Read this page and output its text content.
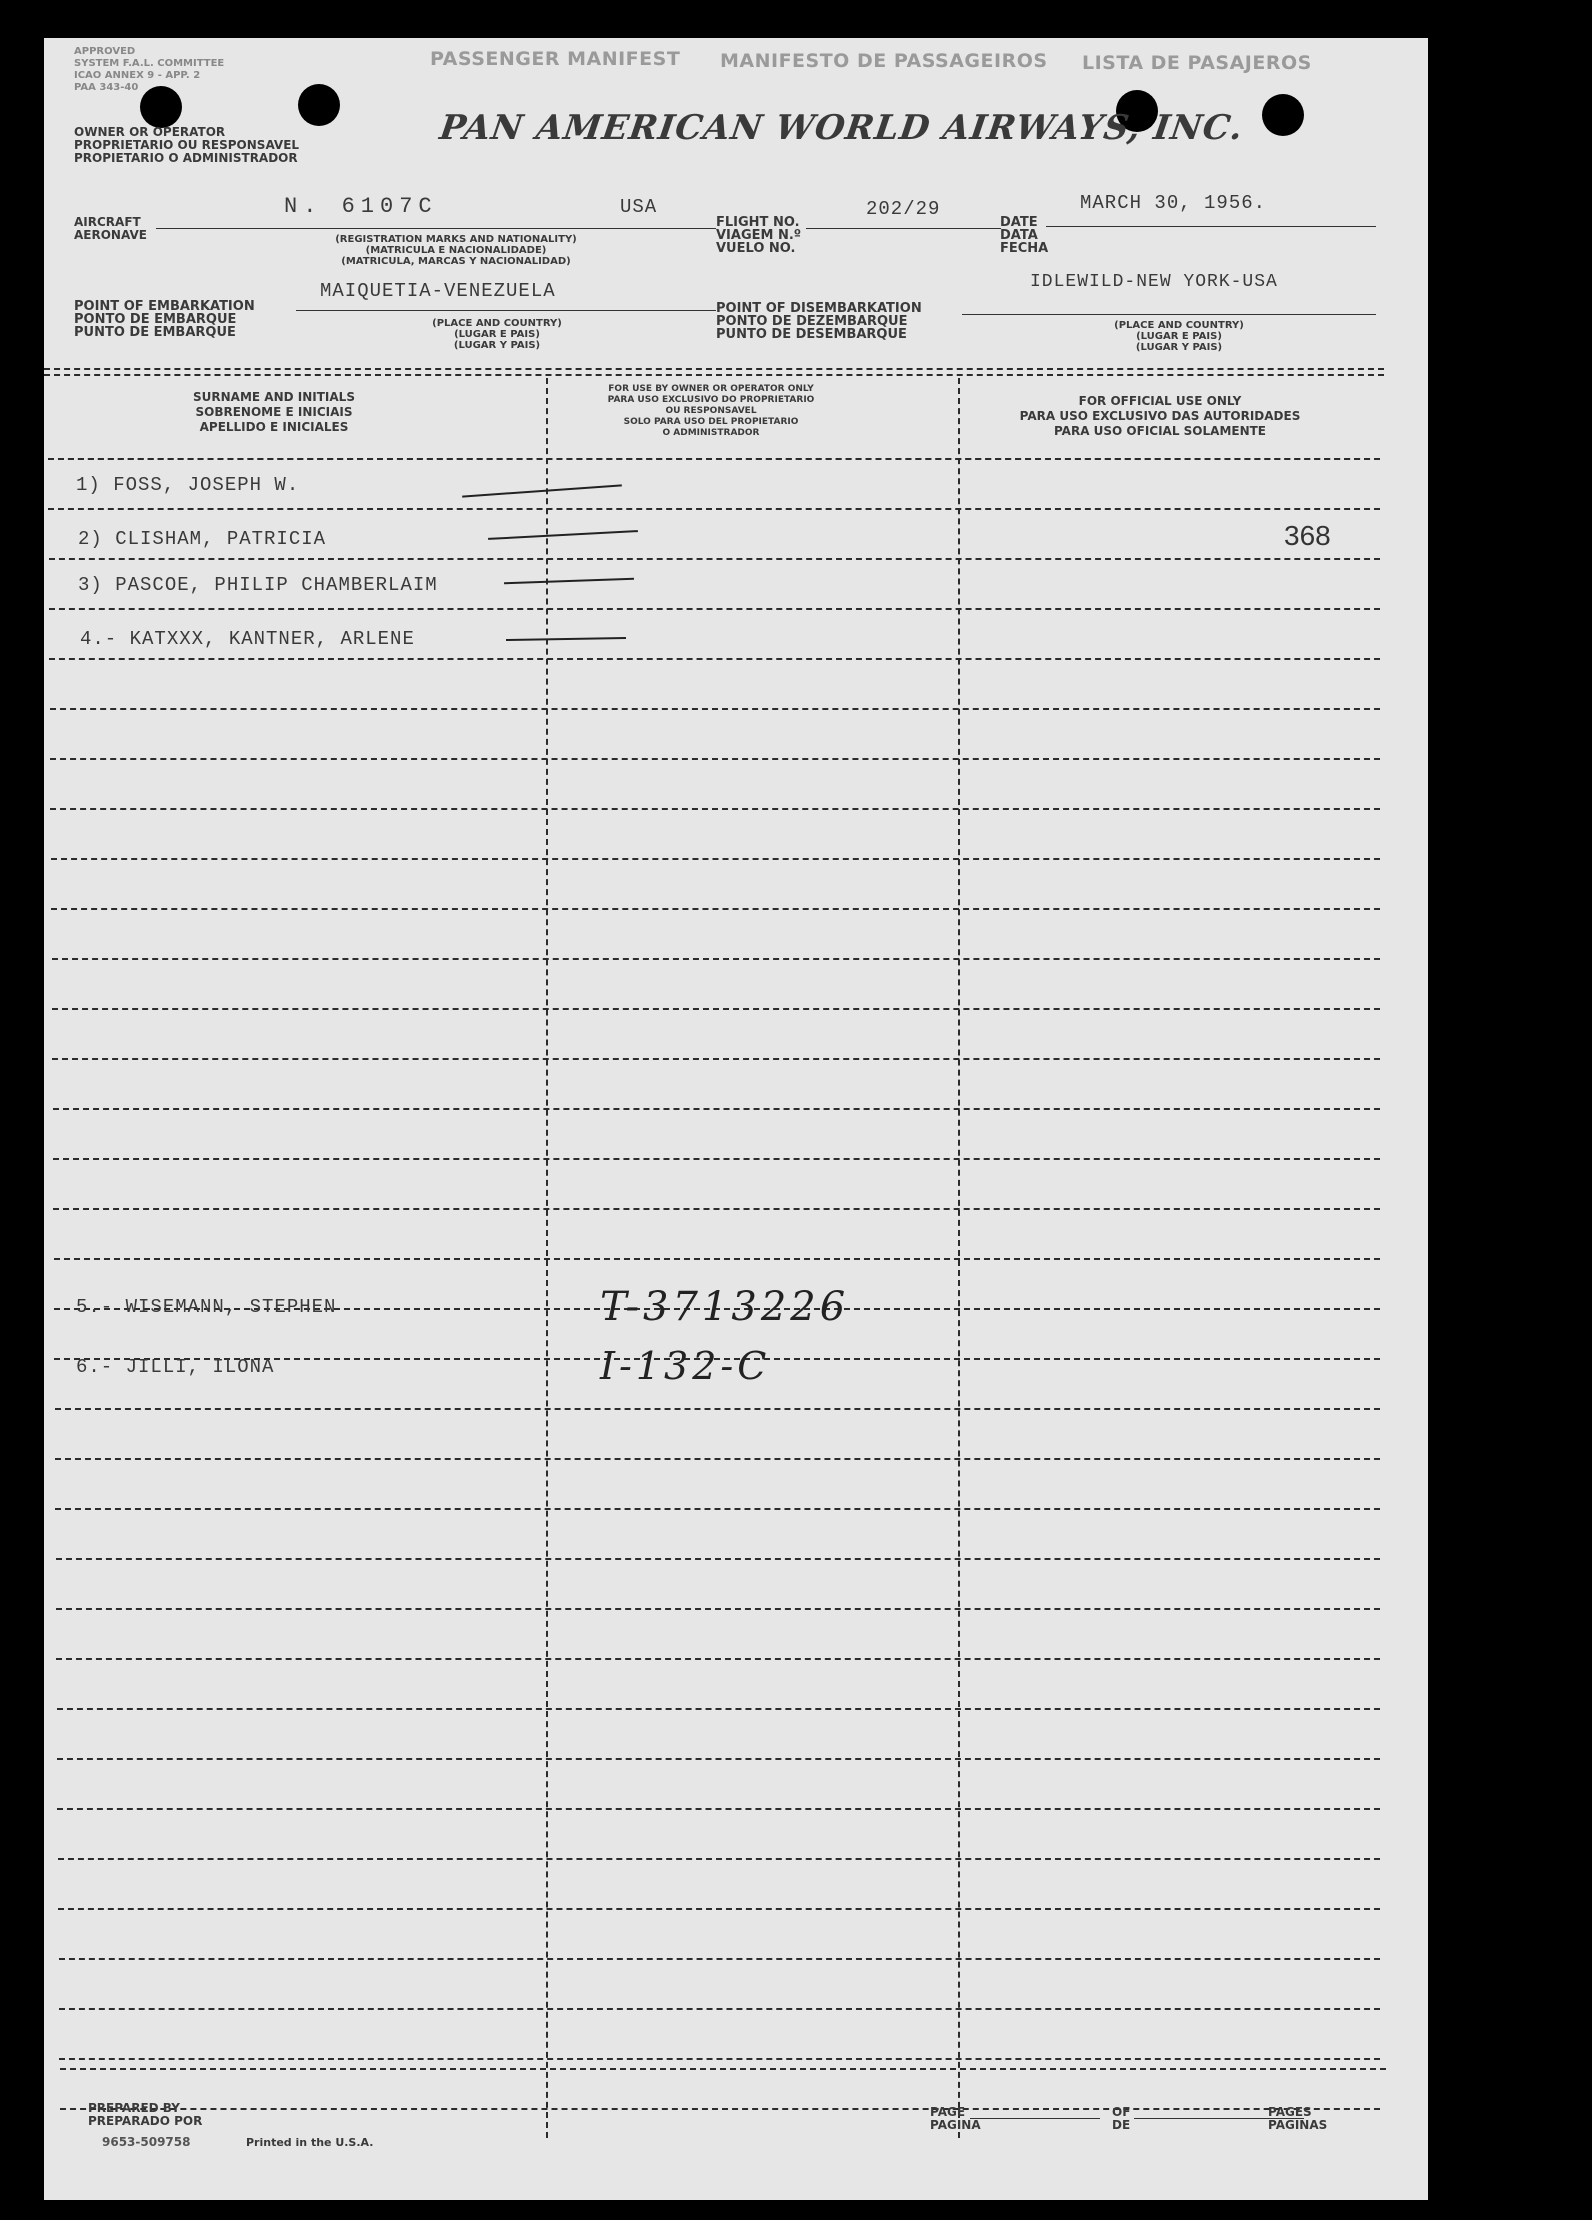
APPROVED
SYSTEM F.A.L. COMMITTEE
ICAO ANNEX 9 - APP. 2
PAA 343-40
PASSENGER MANIFEST MANIFESTO DE PASSAGEIROS LISTA DE PASAJEROS
OWNER OR OPERATOR
PROPRIETARIO OU RESPONSAVEL
PROPIETARIO O ADMINISTRADOR
PAN AMERICAN WORLD AIRWAYS, INC.
AIRCRAFT
AERONAVE
N. 6107C	USA
(REGISTRATION MARKS AND NATIONALITY)
(MATRICULA E NACIONALIDADE)
(MATRICULA, MARCAS Y NACIONALIDAD)
FLIGHT NO.
VIAGEM N.º
VUELO NO.
202/29
DATE
DATA
FECHA
MARCH 30, 1956.
POINT OF EMBARKATION
PONTO DE EMBARQUE
PUNTO DE EMBARQUE
MAIQUETIA-VENEZUELA
(PLACE AND COUNTRY)
(LUGAR E PAIS)
(LUGAR Y PAIS)
POINT OF DISEMBARKATION
PONTO DE DEZEMBARQUE
PUNTO DE DESEMBARQUE
IDLEWILD-NEW YORK-USA
(PLACE AND COUNTRY)
(LUGAR E PAIS)
(LUGAR Y PAIS)
SURNAME AND INITIALS
SOBRENOME E INICIAIS
APELLIDO E INICIALES
FOR USE BY OWNER OR OPERATOR ONLY
PARA USO EXCLUSIVO DO PROPRIETARIO
OU RESPONSAVEL
SOLO PARA USO DEL PROPIETARIO
O ADMINISTRADOR
FOR OFFICIAL USE ONLY
PARA USO EXCLUSIVO DAS AUTORIDADES
PARA USO OFICIAL SOLAMENTE
1) FOSS, JOSEPH W.
2) CLISHAM, PATRICIA
3) PASCOE, PHILIP CHAMBERLAIM
4.- KATXXX, KANTNER, ARLENE
5.- WISEMANN, STEPHEN
6.- JILLI, ILONA
T-3713226
I-132-C
368
PREPARED BY
PREPARADO POR
9653-509758	Printed in the U.S.A.
PAGE
PAGINA
OF
DE
PAGES
PAGINAS
